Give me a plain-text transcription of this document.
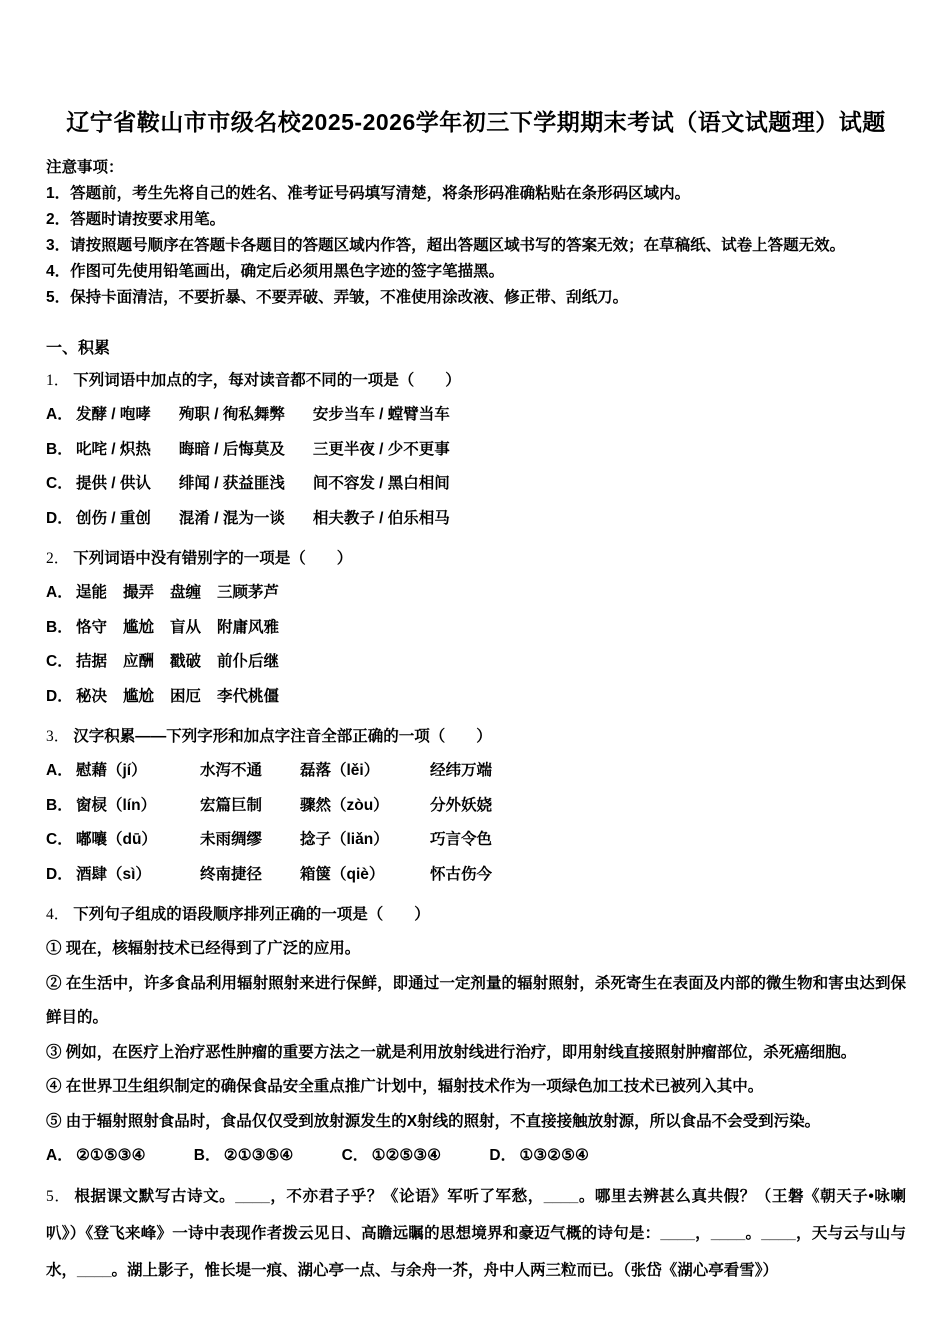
辽宁省鞍山市市级名校2025-2026学年初三下学期期末考试（语文试题理）试题
注意事项：
1．答题前，考生先将自己的姓名、准考证号码填写清楚，将条形码准确粘贴在条形码区域内。
2．答题时请按要求用笔。
3．请按照题号顺序在答题卡各题目的答题区域内作答，超出答题区域书写的答案无效；在草稿纸、试卷上答题无效。
4．作图可先使用铅笔画出，确定后必须用黑色字迹的签字笔描黑。
5．保持卡面清洁，不要折暴、不要弄破、弄皱，不准使用涂改液、修正带、刮纸刀。
一、积累

1． 下列词语中加点的字，每对读音都不同的一项是（　　）

A． 发酵 / 咆哮 殉职 / 徇私舞弊 安步当车 / 螳臂当车
B． 叱咤 / 炽热 晦暗 / 后悔莫及 三更半夜 / 少不更事
C． 提供 / 供认 绯闻 / 获益匪浅 间不容发 / 黑白相间
D． 创伤 / 重创 混淆 / 混为一谈 相夫教子 / 伯乐相马

2． 下列词语中没有错别字的一项是（　　）

A． 逞能 撮弄 盘缠 三顾茅芦
B． 恪守 尴尬 盲从 附庸风雅
C． 拮据 应酬 戳破 前仆后继
D． 秘决 尴尬 困厄 李代桃僵

3． 汉字积累——下列字形和加点字注音全部正确的一项（　　）

A． 慰藉（jí）	水泻不通 磊落（lěi）	经纬万端
B． 窗棂（lín）	宏篇巨制 骤然（zòu）	分外妖娆
C． 嘟嚷（dū）	未雨绸缪 捻子（liǎn）	巧言令色
D． 酒肆（sì）	终南捷径 箱箧（qiè）	怀古伤今

4． 下列句子组成的语段顺序排列正确的一项是（　　）

① 现在，核辐射技术已经得到了广泛的应用。

② 在生活中，许多食品利用辐射照射来进行保鲜，即通过一定剂量的辐射照射，杀死寄生在表面及内部的微生物和害虫达到保鲜目的。

③ 例如，在医疗上治疗恶性肿瘤的重要方法之一就是利用放射线进行治疗，即用射线直接照射肿瘤部位，杀死癌细胞。

④ 在世界卫生组织制定的确保食品安全重点推广计划中，辐射技术作为一项绿色加工技术已被列入其中。

⑤ 由于辐射照射食品时，食品仅仅受到放射源发生的X射线的照射，不直接接触放射源，所以食品不会受到污染。

A． ②①⑤③④	B． ②①③⑤④	C． ①②⑤③④	D． ①③②⑤④

5． 根据课文默写古诗文。____，不亦君子乎？《论语》军听了军愁，____。哪里去辨甚么真共假？（王磐《朝天子•咏喇叭》）《登飞来峰》一诗中表现作者拨云见日、高瞻远瞩的思想境界和豪迈气概的诗句是：____，____。____，天与云与山与水，____。湖上影子，惟长堤一痕、湖心亭一点、与余舟一芥，舟中人两三粒而已。（张岱《湖心亭看雪》）
